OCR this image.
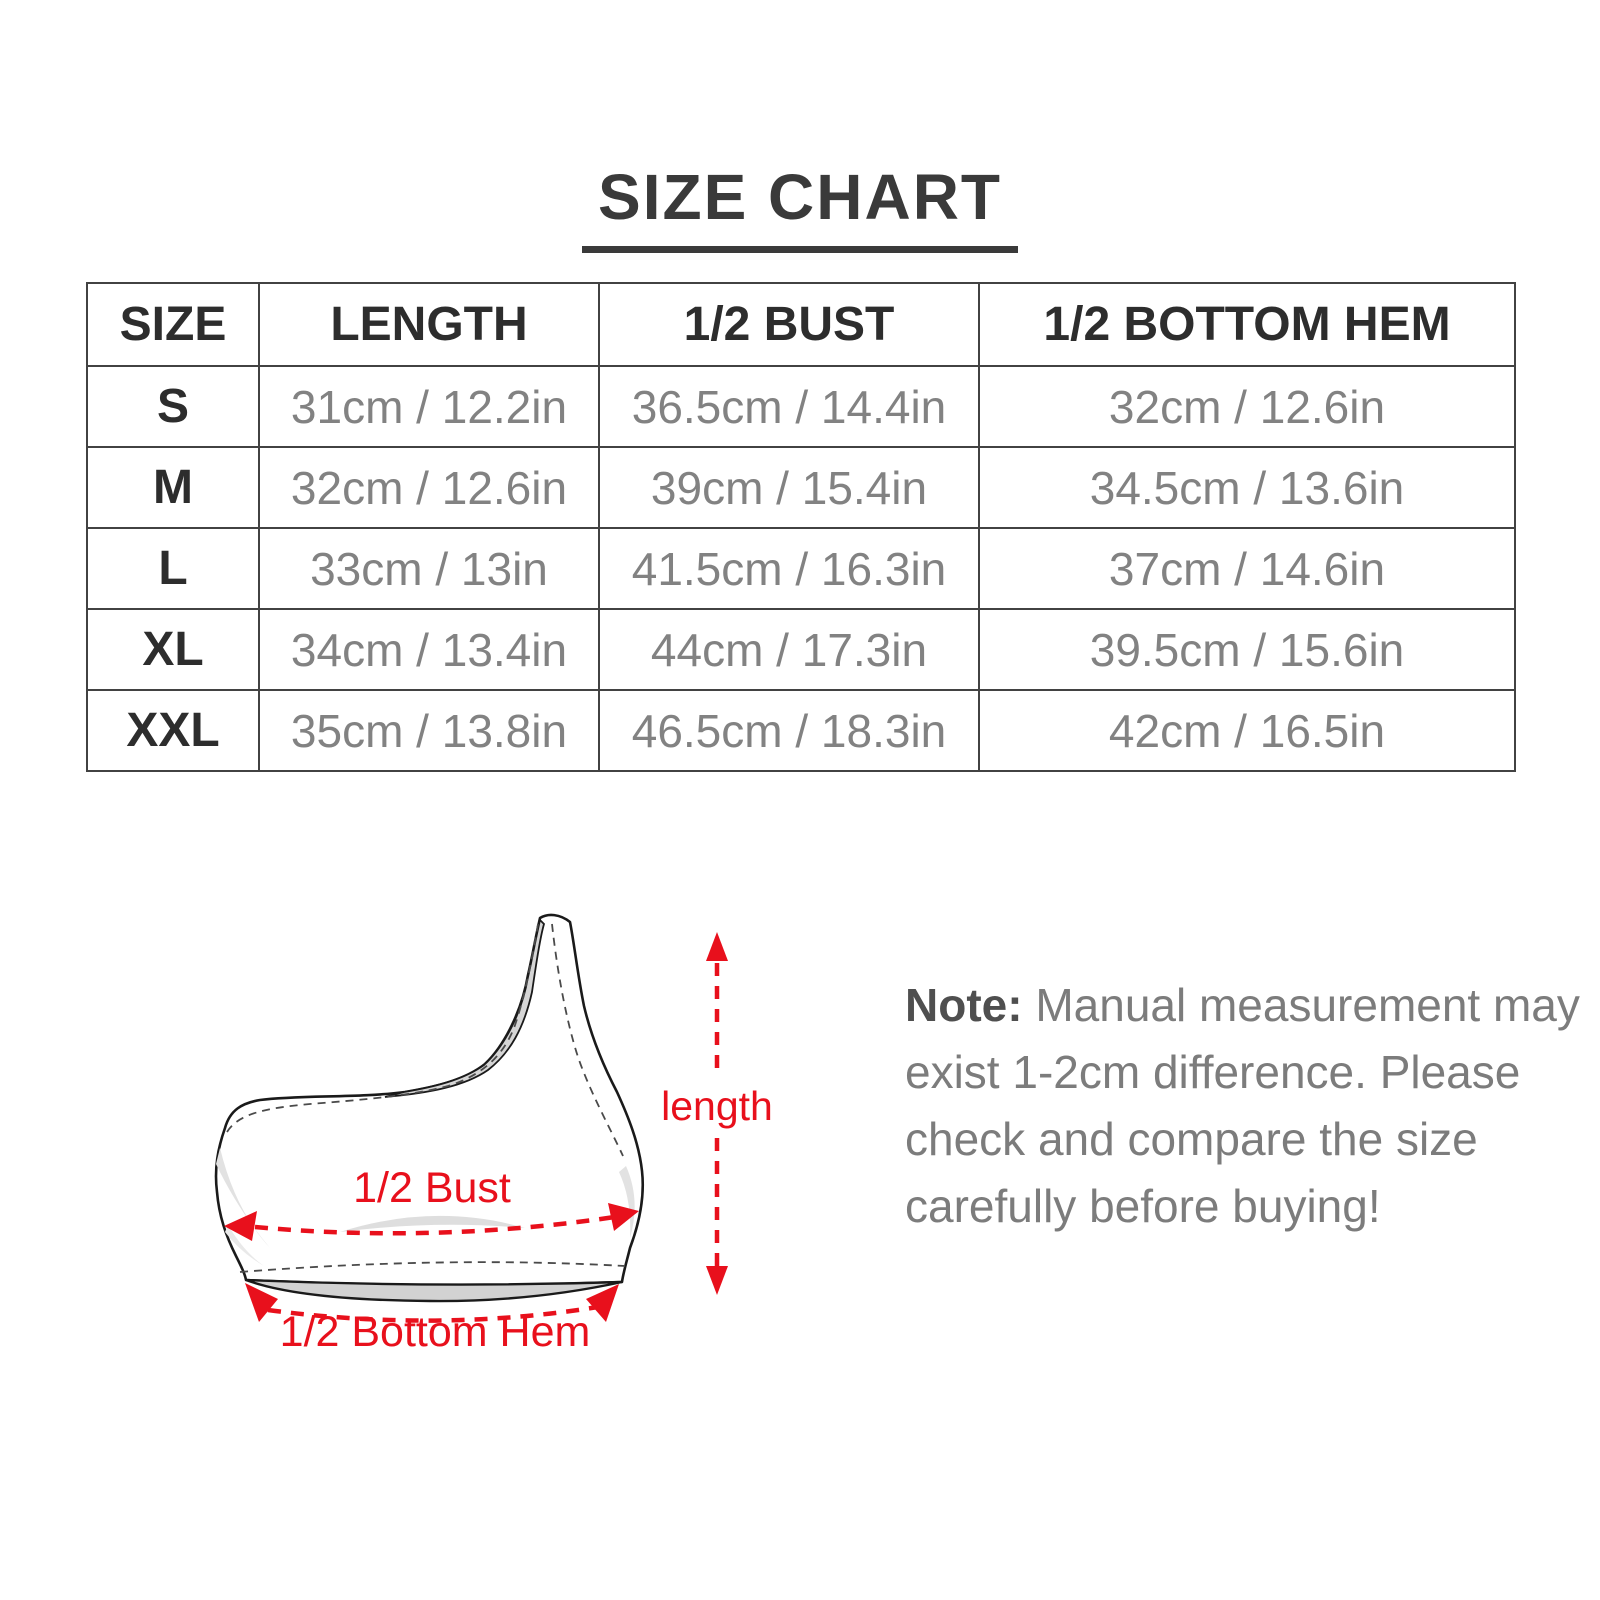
SIZE CHART
SIZE	LENGTH	1/2 BUST	1/2 BOTTOM HEM
S	31cm / 12.2in	36.5cm / 14.4in	32cm / 12.6in
M	32cm / 12.6in	39cm / 15.4in	34.5cm / 13.6in
L	33cm / 13in	41.5cm / 16.3in	37cm / 14.6in
XL	34cm / 13.4in	44cm / 17.3in	39.5cm / 15.6in
XXL	35cm / 13.8in	46.5cm / 18.3in	42cm / 16.5in
length
1/2 Bust
1/2 Bottom Hem
Note: Manual measurement may
exist 1-2cm difference. Please
check and compare the size
carefully before buying!
